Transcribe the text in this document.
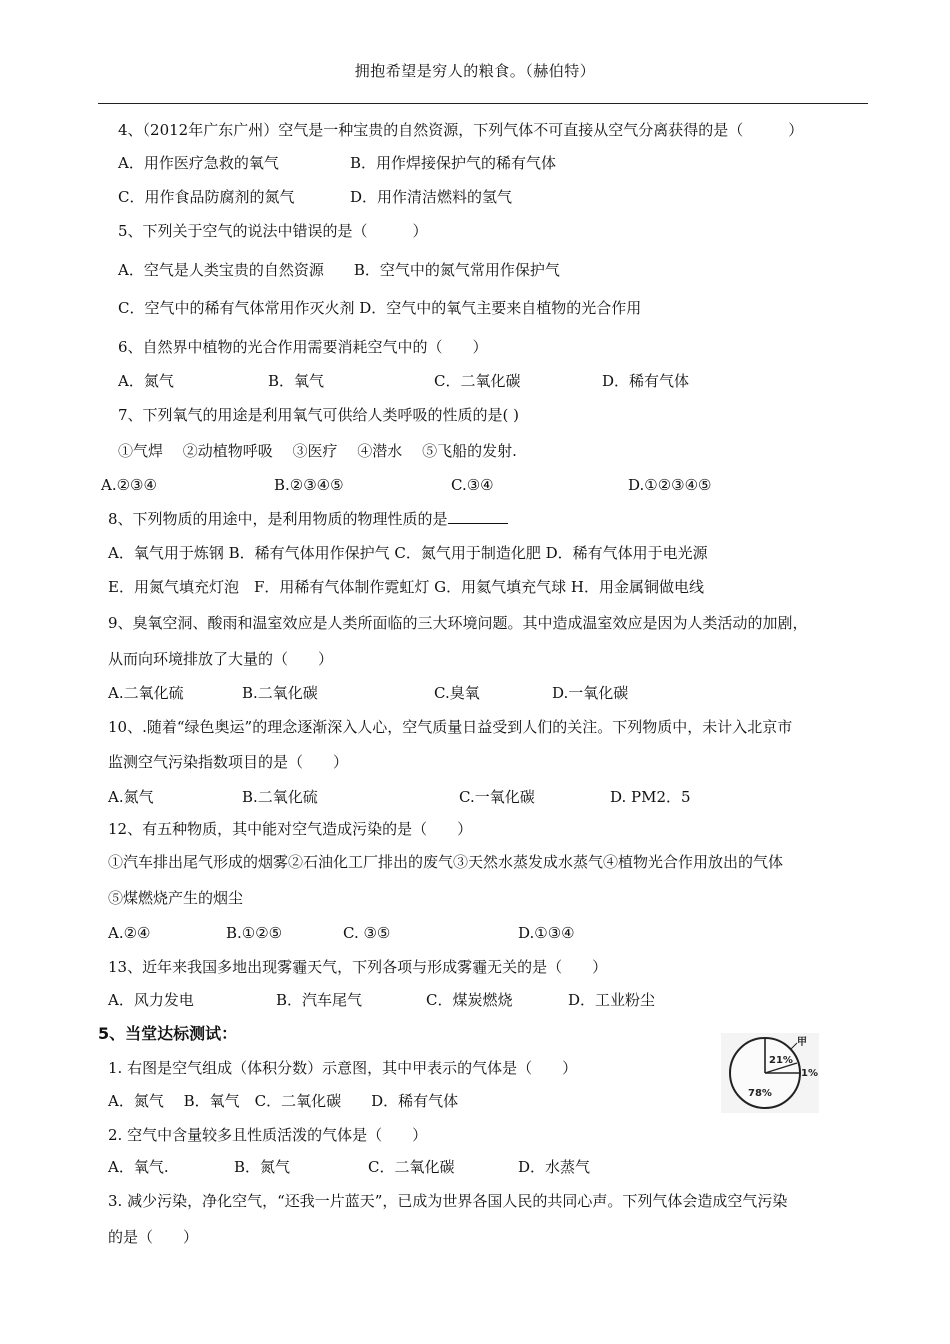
拥抱希望是穷人的粮食。（赫伯特）
4、（2012年广东广州）空气是一种宝贵的自然资源，下列气体不可直接从空气分离获得的是（　　　）
A．用作医疗急救的氧气	B．用作焊接保护气的稀有气体
C．用作食品防腐剂的氮气	D．用作清洁燃料的氢气
5、下列关于空气的说法中错误的是（　　　）
A．空气是人类宝贵的自然资源　　B．空气中的氮气常用作保护气
C．空气中的稀有气体常用作灭火剂 D．空气中的氧气主要来自植物的光合作用
6、自然界中植物的光合作用需要消耗空气中的（　　）
A．氮气	B．氧气	C．二氧化碳	D．稀有气体
7、下列氧气的用途是利用氧气可供给人类呼吸的性质的是( )
①气焊　 ②动植物呼吸　 ③医疗　 ④潜水　 ⑤飞船的发射.
A.②③④	B.②③④⑤	C.③④	D.①②③④⑤
8、下列物质的用途中，是利用物质的物理性质的是
A．氧气用于炼钢 B．稀有气体用作保护气 C．氮气用于制造化肥 D．稀有气体用于电光源
E．用氮气填充灯泡　F．用稀有气体制作霓虹灯 G．用氦气填充气球 H．用金属铜做电线
9、臭氧空洞、酸雨和温室效应是人类所面临的三大环境问题。其中造成温室效应是因为人类活动的加剧，
从而向环境排放了大量的（　　）
A.二氧化硫	B.二氧化碳	C.臭氧	D.一氧化碳
10、.随着“绿色奥运”的理念逐渐深入人心，空气质量日益受到人们的关注。下列物质中，未计入北京市
监测空气污染指数项目的是（　　）
A.氮气	B.二氧化硫	C.一氧化碳	D. PM2．5
12、有五种物质，其中能对空气造成污染的是（　　）
①汽车排出尾气形成的烟雾②石油化工厂排出的废气③天然水蒸发成水蒸气④植物光合作用放出的气体
⑤煤燃烧产生的烟尘
A.②④	B.①②⑤	C. ③⑤	D.①③④
13、近年来我国多地出现雾霾天气，下列各项与形成雾霾无关的是（　　）
A．风力发电	B．汽车尾气	C．煤炭燃烧	D．工业粉尘
5、当堂达标测试：
1. 右图是空气组成（体积分数）示意图，其中甲表示的气体是（　　）
A．氮气　 B．氧气　C．二氧化碳　　D．稀有气体
甲
21%
1%
78%
2. 空气中含量较多且性质活泼的气体是（　　）
A．氧气.	B．氮气	C．二氧化碳	D．水蒸气
3. 减少污染，净化空气，“还我一片蓝天”，已成为世界各国人民的共同心声。下列气体会造成空气污染
的是（　　）
